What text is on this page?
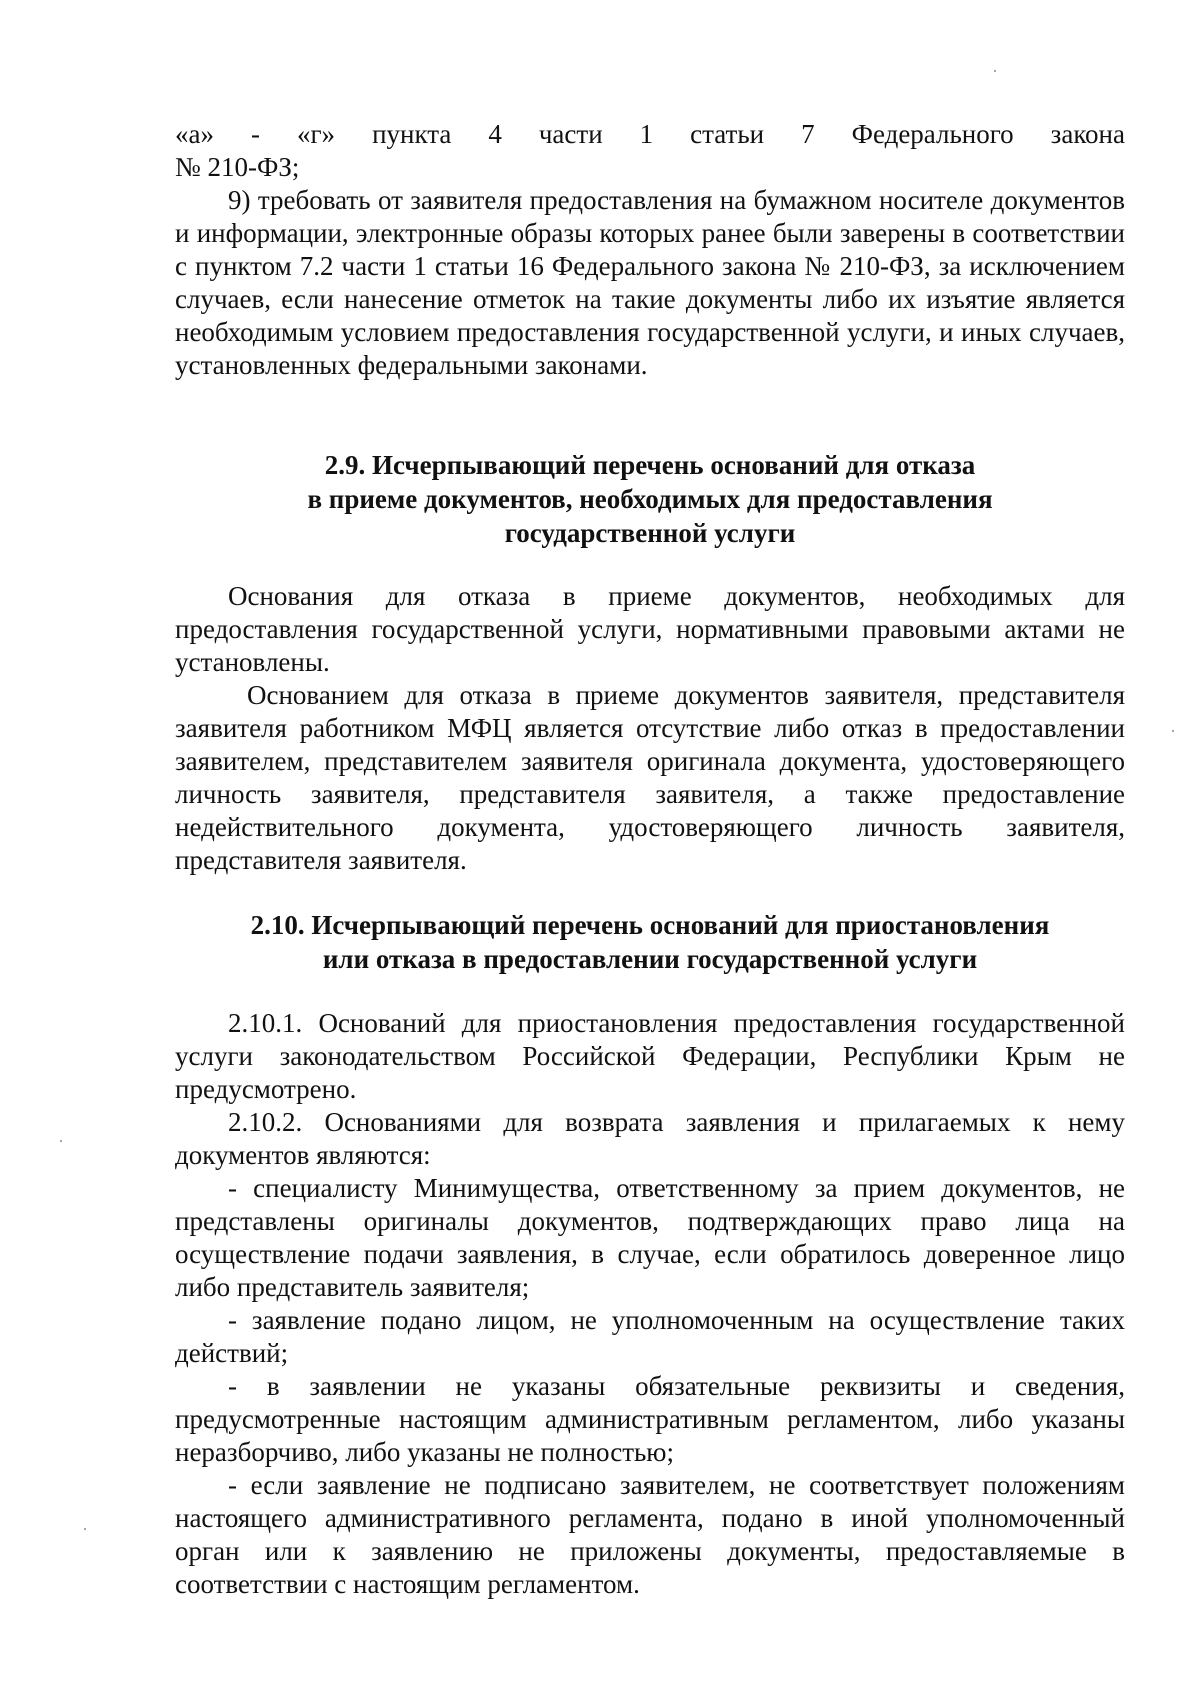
«а» - «г» пункта 4 части 1 статьи 7 Федерального закона

№ 210-ФЗ;

9) требовать от заявителя предоставления на бумажном носителе документов и информации, электронные образы которых ранее были заверены в соответствии с пунктом 7.2 части 1 статьи 16 Федерального закона № 210-ФЗ, за исключением случаев, если нанесение отметок на такие документы либо их изъятие является необходимым условием предоставления государственной услуги, и иных случаев, установленных федеральными законами.

2.9. Исчерпывающий перечень оснований для отказа
в приеме документов, необходимых для предоставления
государственной услуги

Основания для отказа в приеме документов, необходимых для предоставления государственной услуги, нормативными правовыми актами не установлены.

Основанием для отказа в приеме документов заявителя, представителя заявителя работником МФЦ является отсутствие либо отказ в предоставлении заявителем, представителем заявителя оригинала документа, удостоверяющего личность заявителя, представителя заявителя, а также предоставление недействительного документа, удостоверяющего личность заявителя, представителя заявителя.

2.10. Исчерпывающий перечень оснований для приостановления
или отказа в предоставлении государственной услуги

2.10.1. Оснований для приостановления предоставления государственной услуги законодательством Российской Федерации, Республики Крым не предусмотрено.

2.10.2. Основаниями для возврата заявления и прилагаемых к нему документов являются:

- специалисту Минимущества, ответственному за прием документов, не представлены оригиналы документов, подтверждающих право лица на осуществление подачи заявления, в случае, если обратилось доверенное лицо либо представитель заявителя;

- заявление подано лицом, не уполномоченным на осуществление таких действий;

- в заявлении не указаны обязательные реквизиты и сведения, предусмотренные настоящим административным регламентом, либо указаны неразборчиво, либо указаны не полностью;

- если заявление не подписано заявителем, не соответствует положениям настоящего административного регламента, подано в иной уполномоченный орган или к заявлению не приложены документы, предоставляемые в соответствии с настоящим регламентом.
